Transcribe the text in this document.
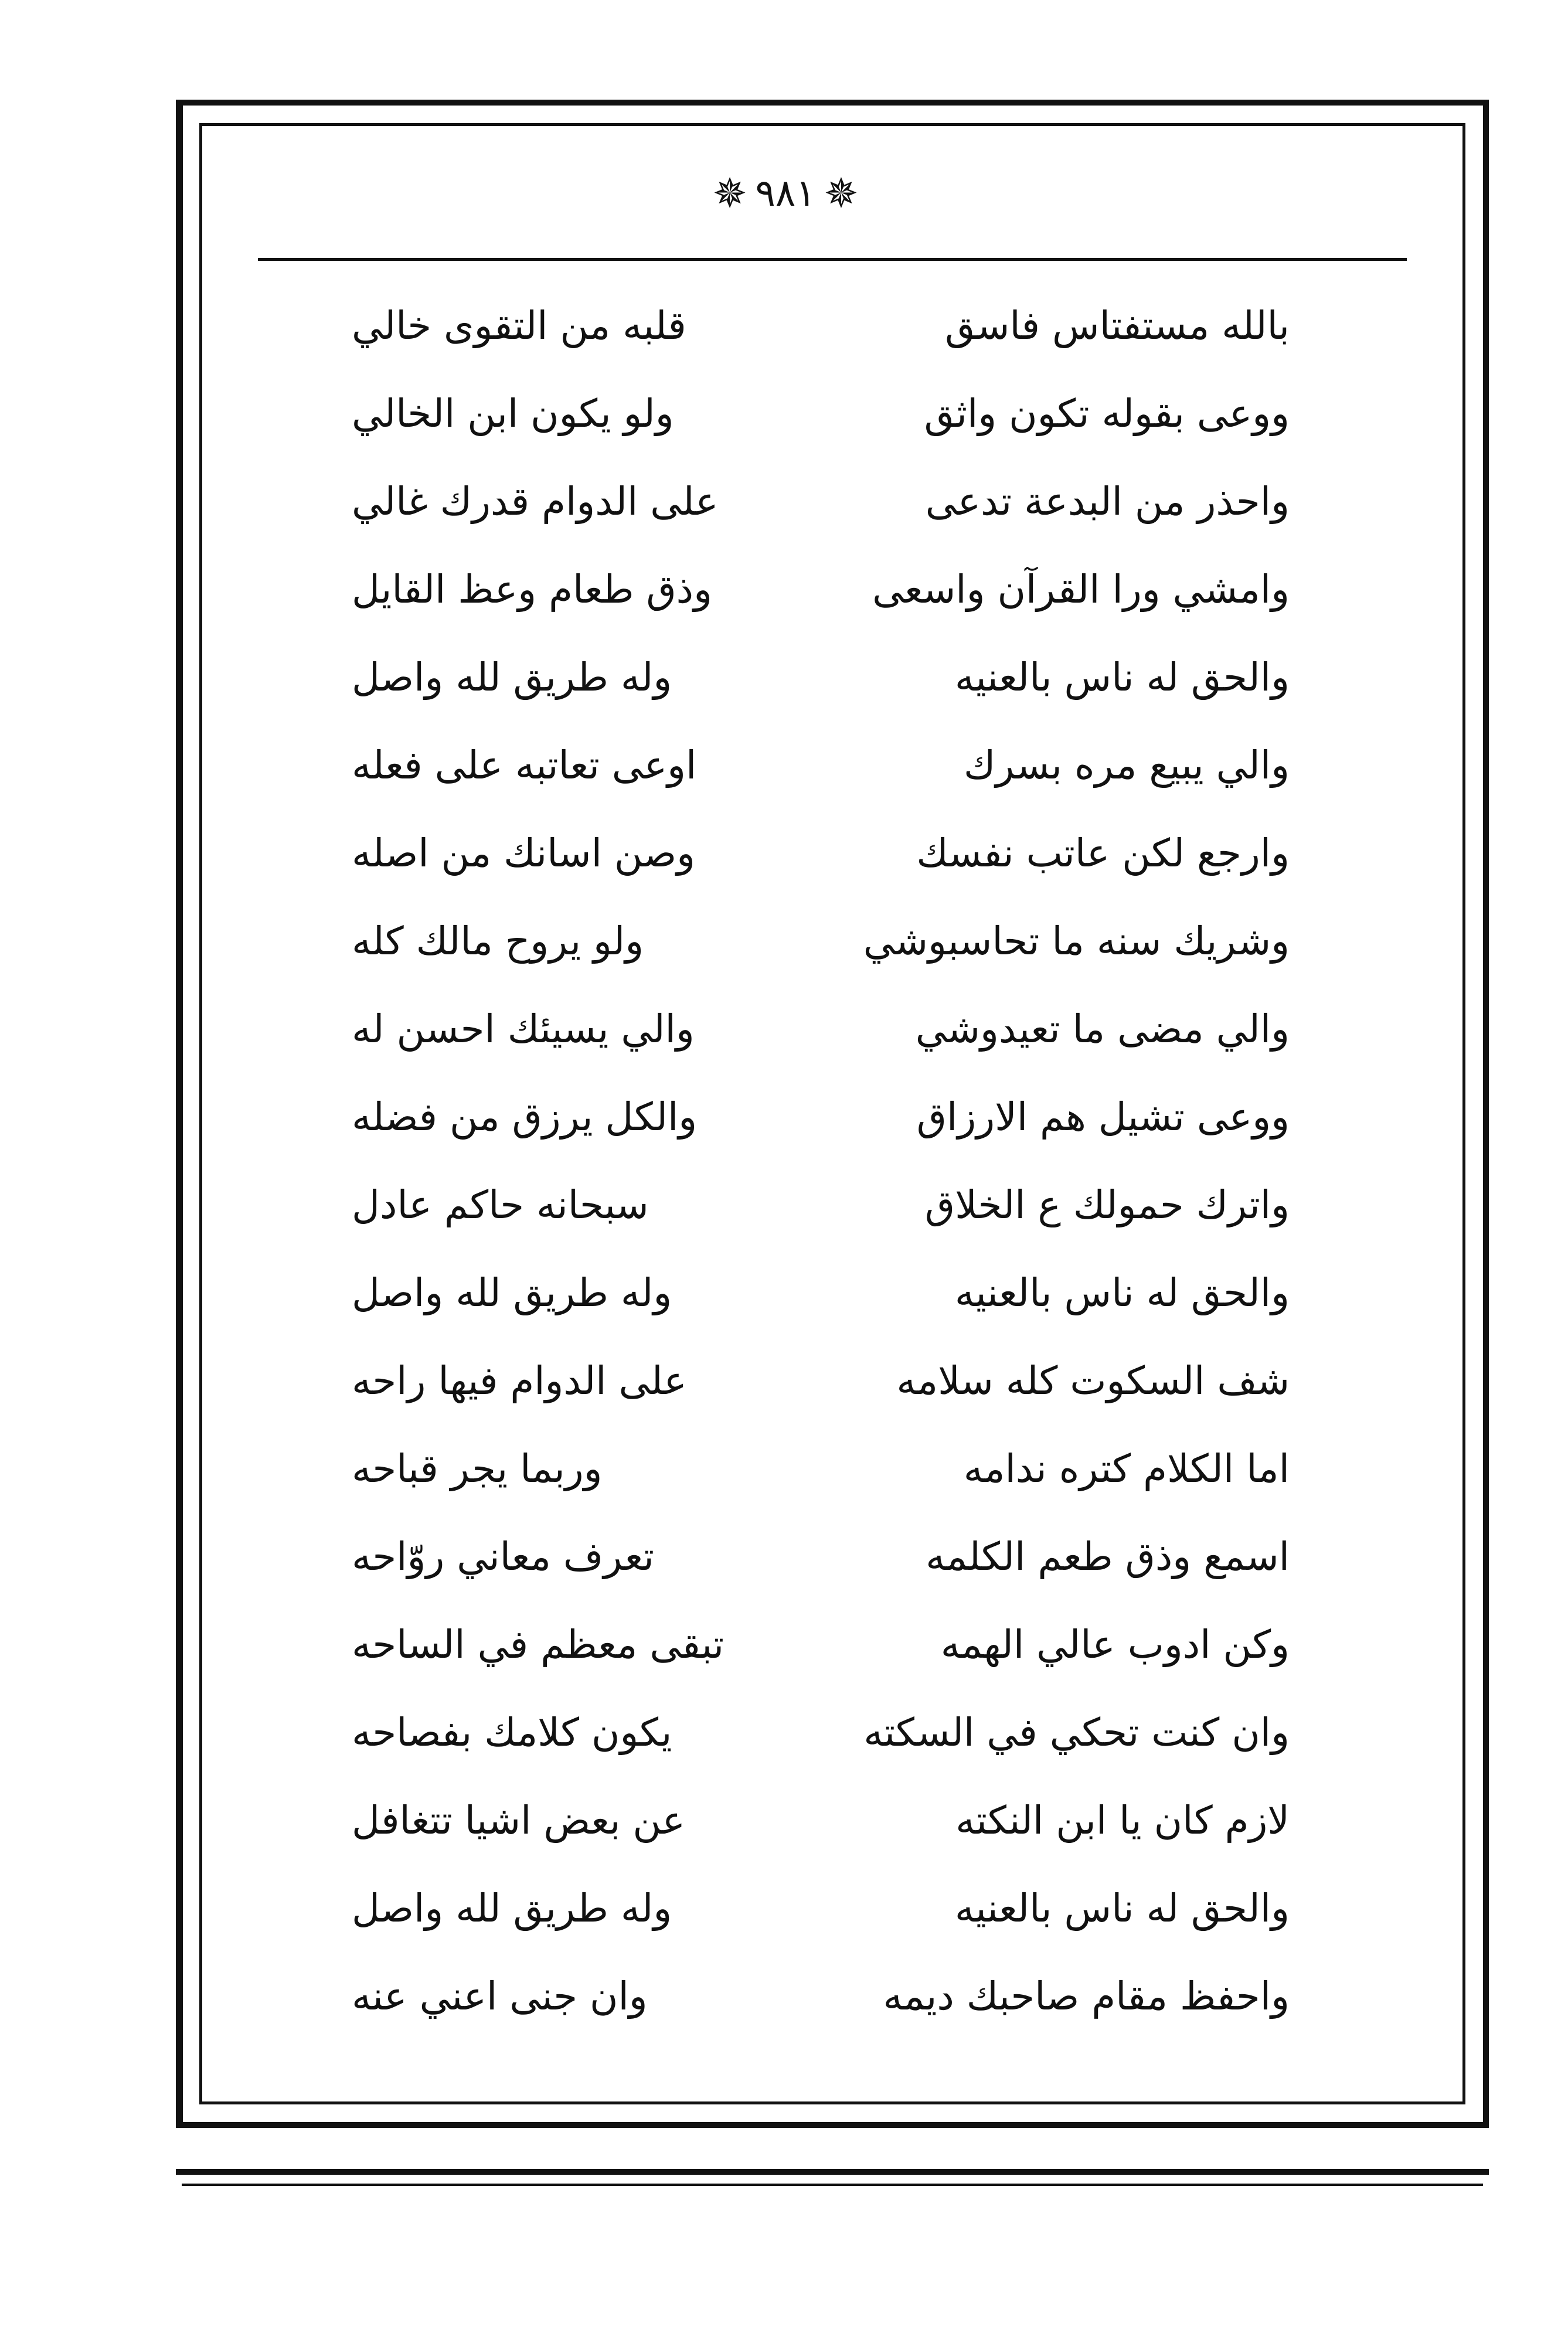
✵
٩٨١
✵
بالله مستفتاس فاسق
قلبه من التقوى خالي
ووعى بقوله تكون واثق
ولو يكون ابن الخالي
واحذر من البدعة تدعى
على الدوام قدرك غالي
وامشي ورا القرآن واسعى
وذق طعام وعظ القايل
والحق له ناس بالعنيه
وله طريق لله واصل
والي يبيع مره بسرك
اوعى تعاتبه على فعله
وارجع لكن عاتب نفسك
وصن اسانك من اصله
وشريك سنه ما تحاسبوشي
ولو يروح مالك كله
والي مضى ما تعيدوشي
والي يسيئك احسن له
ووعى تشيل هم الارزاق
والكل يرزق من فضله
واترك حمولك ع الخلاق
سبحانه حاكم عادل
والحق له ناس بالعنيه
وله طريق لله واصل
شف السكوت كله سلامه
على الدوام فيها راحه
اما الكلام كتره ندامه
وربما يجر قباحه
اسمع وذق طعم الكلمه
تعرف معاني روّاحه
وكن ادوب عالي الهمه
تبقى معظم في الساحه
وان كنت تحكي في السكته
يكون كلامك بفصاحه
لازم كان يا ابن النكته
عن بعض اشيا تتغافل
والحق له ناس بالعنيه
وله طريق لله واصل
واحفظ مقام صاحبك ديمه
وان جنى اعني عنه
